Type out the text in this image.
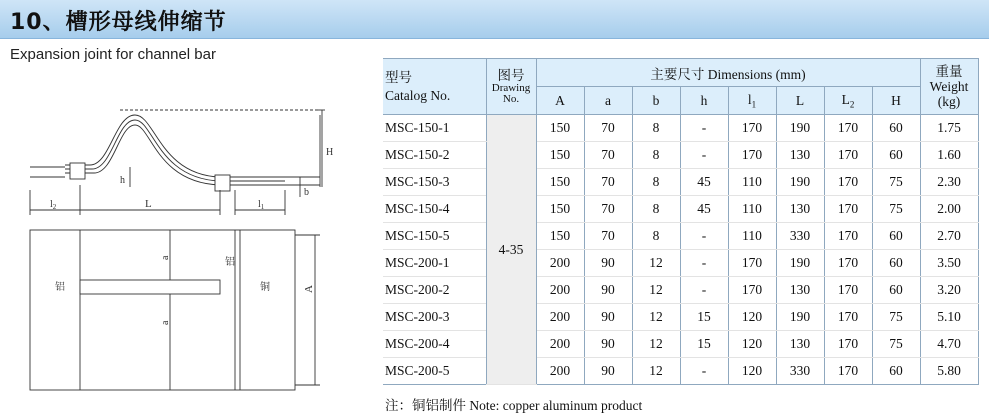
10、槽形母线伸缩节
Expansion joint for channel bar
H
h
b
$l_2$	L	$l_1$
a
a
A
铝
铝
铜
型号
Catalog No.	图号
Drawing
No.	主要尺寸 Dimensions (mm)								重量
Weight
(kg)

		A	a	b	h	$l_1$	L	$L_2$	H	
MSC-150-1	4-35	150	70	8	-	170	190	170	60	1.75
MSC-150-2		150	70	8	-	170	130	170	60	1.60
MSC-150-3		150	70	8	45	110	190	170	75	2.30
MSC-150-4		150	70	8	45	110	130	170	75	2.00
MSC-150-5		150	70	8	-	110	330	170	60	2.70
MSC-200-1		200	90	12	-	170	190	170	60	3.50
MSC-200-2		200	90	12	-	170	130	170	60	3.20
MSC-200-3		200	90	12	15	120	190	170	75	5.10
MSC-200-4		200	90	12	15	120	130	170	75	4.70
MSC-200-5		200	90	12	-	120	330	170	60	5.80
注：铜铝制件 Note: copper aluminum product
